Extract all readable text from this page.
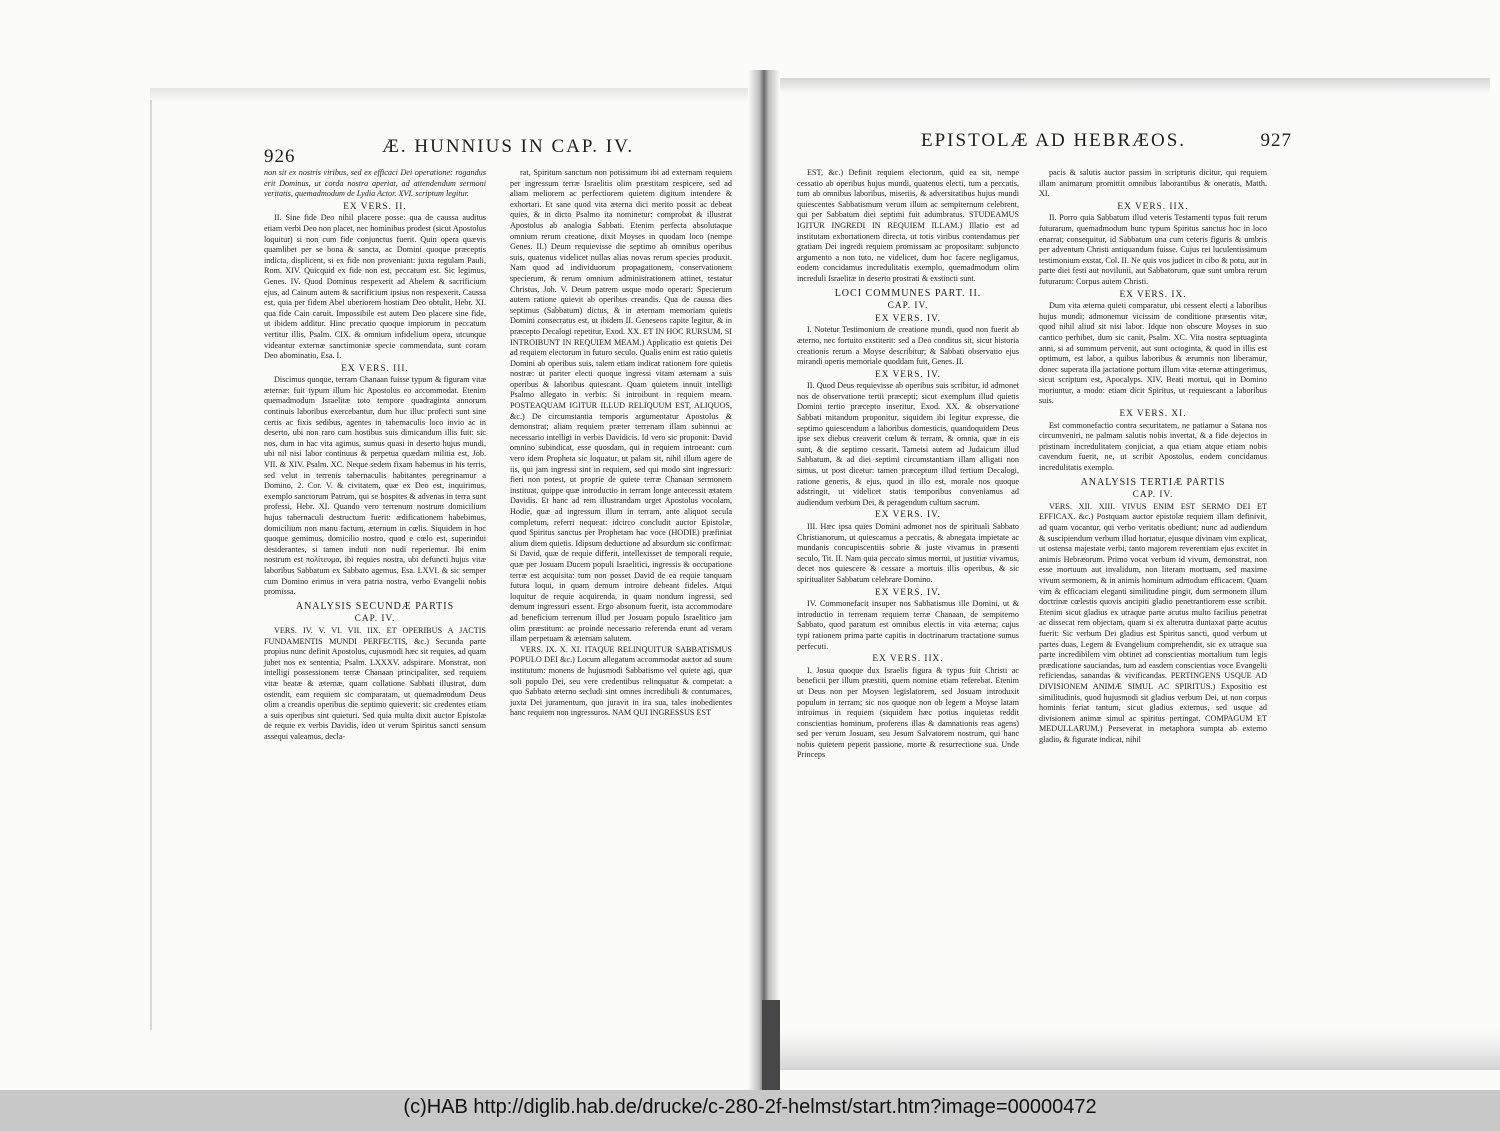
926	Æ. HUNNIUS IN CAP. IV.
non sit ex nostris viribus, sed ex efficaci Dei operatione: rogandus erit Dominus, ut corda nostra aperiat, ad attendendum sermoni veritatis, quemadmodum de Lydia Actor. XVI. scriptum legitur.
EX VERS. II.
II. Sine fide Deo nihil placere posse: qua de caussa auditus etiam verbi Deo non placet, nec hominibus prodest (sicut Apostolus loquitur) si non cum fide conjunctus fuerit. Quin opera quævis quamlibet per se bona & sancta, ac Domini quoque præceptis indicta, displicent, si ex fide non proveniant: juxta regulam Pauli, Rom. XIV. Quicquid ex fide non est, peccatum est. Sic legimus, Genes. IV. Quod Dominus respexerit ad Abelem & sacrificium ejus, ad Cainum autem & sacrificium ipsius non respexerit. Caussa est, quia per fidem Abel uberiorem hostiam Deo obtulit, Hebr. XI. qua fide Cain caruit. Impossibile est autem Deo placere sine fide, ut ibidem additur. Hinc precatio quoque impiorum in peccatum vertitur illis, Psalm. CIX. & omnium infidelium opera, utcunque videantur externæ sanctimoniæ specie commendata, sunt coram Deo abominatio, Esa. I.
EX VERS. III.
Discimus quoque, terram Chanaan fuisse typum & figuram vitæ æternæ: fuit typum illum hic Apostolus eo accommodat. Etenim quemadmodum Israelitæ toto tempore quadraginta annorum continuis laboribus exercebantur, dum huc illuc profecti sunt sine certis ac fixis sedibus, agentes in tabernaculis loco invio ac in deserto, ubi non raro cum hostibus suis dimicandum illis fuit: sic nos, dum in hac vita agimus, sumus quasi in deserto hujus mundi, ubi nil nisi labor continuus & perpetua quædam militia est, Job. VII. & XIV. Psalm. XC. Neque sedem fixam habemus in his terris, sed velut in terrenis tabernaculis habitantes peregrinamur a Domino, 2. Cor. V. & civitatem, quæ ex Deo est, inquirimus, exemplo sanctorum Patrum, qui se hospites & advenas in terra sunt professi, Hebr. XI. Quando vero terrenum nostrum domicilium hujus tabernaculi destructum fuerit: ædificationem habebimus, domicilium non manu factum, æternum in cœlis. Siquidem in hoc quoque gemimus, domicilio nostro, quod e cœlo est, superindui desiderantes, si tamen induti non nudi reperiemur. Ibi enim nostrum est πολίτευμα, ibi requies nostra, ubi defuncti hujus vitæ laboribus Sabbatum ex Sabbato agemus, Esa. LXVI. & sic semper cum Domino erimus in vera patria nostra, verbo Evangelii nobis promissa.
ANALYSIS SECUNDÆ PARTIS
CAP. IV.
VERS. IV. V. VI. VII. IIX. ET OPERIBUS A JACTIS FUNDAMENTIS MUNDI PERFECTIS, &c.) Secunda parte propius nunc definit Apostolus, cujusmodi hæc sit requies, ad quam jubet nos ex sententia, Psalm. LXXXV. adspirare. Monstrat, non intelligi possessionem terræ Chanaan principaliter, sed requiem vitæ beatæ & æternæ, quam collatione Sabbati illustrat, dum ostendit, eam requiem sic comparatam, ut quemadmodum Deus olim a creandis operibus die septimo quieverit: sic credentes etiam a suis operibus sint quieturi. Sed quia multa dixit auctor Epistolæ de requie ex verbis Davidis, ideo ut verum Spiritus sancti sensum assequi valeamus, decla-
rat, Spiritum sanctum non potissimum ibi ad externam requiem per ingressum terræ Israelitis olim præstitam respicere, sed ad aliam meliorem ac perfectiorem quietem digitum intendere & exhortari. Et sane quod vita æterna dici merito possit ac debeat quies, & in dicto Psalmo ita nominetur: comprobat & illustrat Apostolus ab analogia Sabbati. Etenim perfecta absolutaque omnium rerum creatione, dixit Moyses in quodam loco (nempe Genes. II.) Deum requievisse die septimo ab omnibus operibus suis, quatenus videlicet nullas alias novas rerum species produxit. Nam quod ad individuorum propagationem, conservationem specierum, & rerum omnium administrationem attinet, testatur Christus, Joh. V. Deum patrem usque modo operari: Specierum autem ratione quievit ab operibus creandis. Qua de caussa dies septimus (Sabbatum) dictus, & in æternam memoriam quietis Domini consecratus est, ut ibidem II. Geneseos capite legitur, & in præcepto Decalogi repetitur, Exod. XX. ET IN HOC RURSUM, SI INTROIBUNT IN REQUIEM MEAM.) Applicatio est quietis Dei ad requiem electorum in futuro seculo. Qualis enim est ratio quietis Domini ab operibus suis, talem etiam indicat rationem fore quietis nostræ: ut pariter electi quoque ingressi vitam æternam a suis operibus & laboribus quiescant. Quam quietem innuit intelligi Psalmo allegato in verbis: Si introibunt in requiem meam. POSTEAQUAM IGITUR ILLUD RELIQUUM EST, ALIQUOS, &c.) De circumstantia temporis argumentatur Apostolus & demonstrat; aliam requiem præter terrenam illam subinnui ac necessario intelligi in verbis Davidicis. Id vero sic proponit: David omnino subindicat, esse quosdam, qui in requiem introeant: cum vero idem Propheta sic loquatur, ut palam sit, nihil illum agere de iis, qui jam ingressi sint in requiem, sed qui modo sint ingressuri: fieri non potest, ut proprie de quiete terræ Chanaan sermonem instituat, quippe quæ introductio in terram longe antecessit ætatem Davidis. Et hanc ad rem illustrandam urget Apostolus vocolam, Hodie, quæ ad ingressum illum in terram, ante aliquot secula completum, referri nequeat: idcirco concludit auctor Epistolæ, quod Spiritus sanctus per Prophetam hac voce (HODIE) præfiniat alium diem quietis. Idipsum deductione ad absurdum sic confirmat: Si David, quæ de requie differit, intellexisset de temporali requie, quæ per Josuam Ducem populi Israelitici, ingressis & occupatione terræ est acquisita: tum non posset David de ea requie tanquam futura loqui, in quam demum introire debeant fideles. Atqui loquitur de requie acquirenda, in quam nondum ingressi, sed demum ingressuri essent. Ergo absonum fuerit, ista accommodare ad beneficium terrenum illud per Josuam populo Israelitico jam olim præstitum: ac proinde necessario referenda erunt ad veram illam perpetuam & æternam salutem.
VERS. IX. X. XI. ITAQUE RELINQUITUR SABBATISMUS POPULO DEI &c.) Locum allegatum accommodat auctor ad suum institutum: monens de hujusmodi Sabbatismo vel quiete agi, quæ soli populo Dei, seu vere credentibus relinquatur & competat: a quo Sabbato æterno secludi sint omnes incredibuli & contumaces, juxta Dei juramentum, quo juravit in ira sua, tales inobedientes hanc requiem non ingressuros. NAM QUI INGRESSUS EST
EPISTOLÆ AD HEBRÆOS.	927
EST, &c.) Definit requiem electorum, quid ea sit, nempe cessatio ab operibus hujus mundi, quatenus electi, tum a peccatis, tum ab omnibus laboribus, miseriis, & adversitatibus hujus mundi quiescentes Sabbatismum verum illum ac sempiternum celebrent, qui per Sabbatum diei septimi fuit adumbratus. STUDEAMUS IGITUR INGREDI IN REQUIEM ILLAM.) Illatio est ad institutam exhortationem directa, ut totis viribus contendamus per gratiam Dei ingredi requiem promissam ac propositam: subjuncto argumento a non tuto, ne videlicet, dum hoc facere negligamus, eodem concidamus incredulitatis exemplo, quemadmodum olim increduli Israelitæ in deserto prostrati & exstincti sunt.
LOCI COMMUNES PART. II.
CAP. IV.
EX VERS. IV.
I. Notetur Testimonium de creatione mundi, quod non fuerit ab æterno, nec fortuito exstiterit: sed a Deo conditus sit, sicut historia creationis rerum a Moyse describitur; & Sabbati observatio ejus mirandi operis memoriale quoddam fuit, Genes. II.
EX VERS. IV.
II. Quod Deus requievisse ab operibus suis scribitur, id admonet nos de observatione tertii præcepti; sicut exemplum illud quietis Domini tertio præcepto inseritur, Exod. XX. & observatione Sabbati mitandum proponitur, siquidem ibi legitur expresse, die septimo quiescendum a laboribus domesticis, quandoquidem Deus ipse sex diebus creaverit cœlum & terram, & omnia, quæ in eis sunt, & die septimo cessarit. Tametsi autem ad Judaicum illud Sabbatum, & ad diei septimi circumstantiam illam alligati non simus, ut post dicetur: tamen præceptum illud tertium Decalogi, ratione generis, & ejus, quod in illo est, morale nos quoque adstringit, ut videlicet statis temporibus conveniamus ad audiendum verbum Dei, & peragendum cultum sacrum.
EX VERS. IV.
III. Hæc ipsa quies Domini admonet nos de spirituali Sabbato Christianorum, ut quiescamus a peccatis, & abnegata impietate ac mundanis concupiscentiis sobrie & juste vivamus in præsenti seculo, Tit. II. Nam quia peccato simus mortui, ut justitiæ vivamus, decet nos quiescere & cessare a mortuis illis operibus, & sic spiritualiter Sabbatum celebrare Domino.
EX VERS. IV.
IV. Commonefacit insuper nos Sabbatismus ille Domini, ut & introductio in terrenam requiem terræ Chanaan, de sempiterno Sabbato, quod paratum est omnibus electis in vita æterna; cujus typi rationem prima parte capitis in doctrinarum tractatione sumus perfecuti.
EX VERS. IIX.
I. Josua quoque dux Israelis figura & typus fuit Christi ac beneficii per illum præstiti, quem nomine etiam referebat. Etenim ut Deus non per Moysen legislatorem, sed Josuam introduxit populum in terram; sic nos quoque non ob legem a Moyse latam introimus in requiem (siquidem hæc potius inquietas reddit conscientias hominum, proferens illas & damnationis reas agens) sed per verum Josuam, seu Jesum Salvatorem nostrum, qui hanc nobis quietem peperit passione, morte & resurrectione sua. Unde Princeps
pacis & salutis auctor passim in scripturis dicitur, qui requiem illam animarum promittit omnibus laborantibus & oneratis, Matth. XI.
EX VERS. IIX.
II. Porro quia Sabbatum illud veteris Testamenti typus fuit rerum futurarum, quemadmodum hunc typum Spiritus sanctus hoc in loco enarrat; consequitur, id Sabbatum una cum ceteris figuris & umbris per adventum Christi antiquandum fuisse. Cujus rei luculentissimum testimonium exstat, Col. II. Ne quis vos judicet in cibo & potu, aut in parte diei festi aut novilunii, aut Sabbatorum, quæ sunt umbra rerum futurarum: Corpus autem Christi.
EX VERS. IX.
Dum vita æterna quieti comparatur, ubi cessent electi a laboribus hujus mundi; admonemur vicissim de conditione præsentis vitæ, quod nihil aliud sit nisi labor. Idque non obscure Moyses in suo cantico perhibet, dum sic canit, Psalm. XC. Vita nostra septuaginta anni, si ad summum pervenit, aut sunt octoginta, & quod in illis est optimum, est labor, a quibus laboribus & ærumnis non liberamur, donec superata illa jactatione portum illum vitæ æternæ attingerimus, sicut scriptum est, Apocalyps. XIV. Beati mortui, qui in Domino moriuntur, a modo: etiam dicit Spiritus, ut requiescant a laboribus suis.
EX VERS. XI.
Est commonefactio contra securitatem, ne patiamur a Satana nos circumveniri, ne palmam salutis nobis invertat, & a fide dejectos in pristinam incredulitatem conjiciat, a qua etiam atque etiam nobis cavendum fuerit, ne, ut scribit Apostolus, eodem concidamus incredulitatis exemplo.
ANALYSIS TERTIÆ PARTIS
CAP. IV.
VERS. XII. XIII. VIVUS ENIM EST SERMO DEI ET EFFICAX. &c.) Postquam auctor epistolæ requiem illam definivit, ad quam vocantur, qui verbo veritatis obediunt; nunc ad audiendum & suscipiendum verbum illud hortatur, ejusque divinam vim explicat, ut ostensa majestate verbi, tanto majorem reverentiam ejus excitet in animis Hebræorum. Primo vocat verbum id vivum, demonstrat, non esse mortuum aut invalidum, non literam mortuam, sed maxime vivum sermonem, & in animis hominum admodum efficacem. Quam vim & efficaciam eleganti similitudine pingit, dum sermonem illum doctrinæ cœlestis quovis ancipiti gladio penetrantiorem esse scribit. Etenim sicut gladius ex utraque parte acutus multo facilius penetrat ac dissecat rem objectam, quam si ex alterutra duntaxat parte acutus fuerit: Sic verbum Dei gladius est Spiritus sancti, quod verbum ut partes duas, Legem & Evangelium comprehendit, sic ex utraque sua parte incredibilem vim obtinet ad conscientias mortalium tum legis prædicatione sauciandas, tum ad easdem conscientias voce Evangelii reficiendas, sanandas & vivificandas. PERTINGENS USQUE AD DIVISIONEM ANIMÆ SIMUL AC SPIRITUS.) Expositio est similitudinis, quod hujusmodi sit gladius verbum Dei, ut non corpus hominis feriat tantum, sicut gladius externus, sed usque ad divisionem animæ simul ac spiritus pertingat. COMPAGUM ET MEDULLARUM.) Perseverat in metaphora sumpta ab externo gladio, & figurate indicat, nihil
(c)HAB http://diglib.hab.de/drucke/c-280-2f-helmst/start.htm?image=00000472
